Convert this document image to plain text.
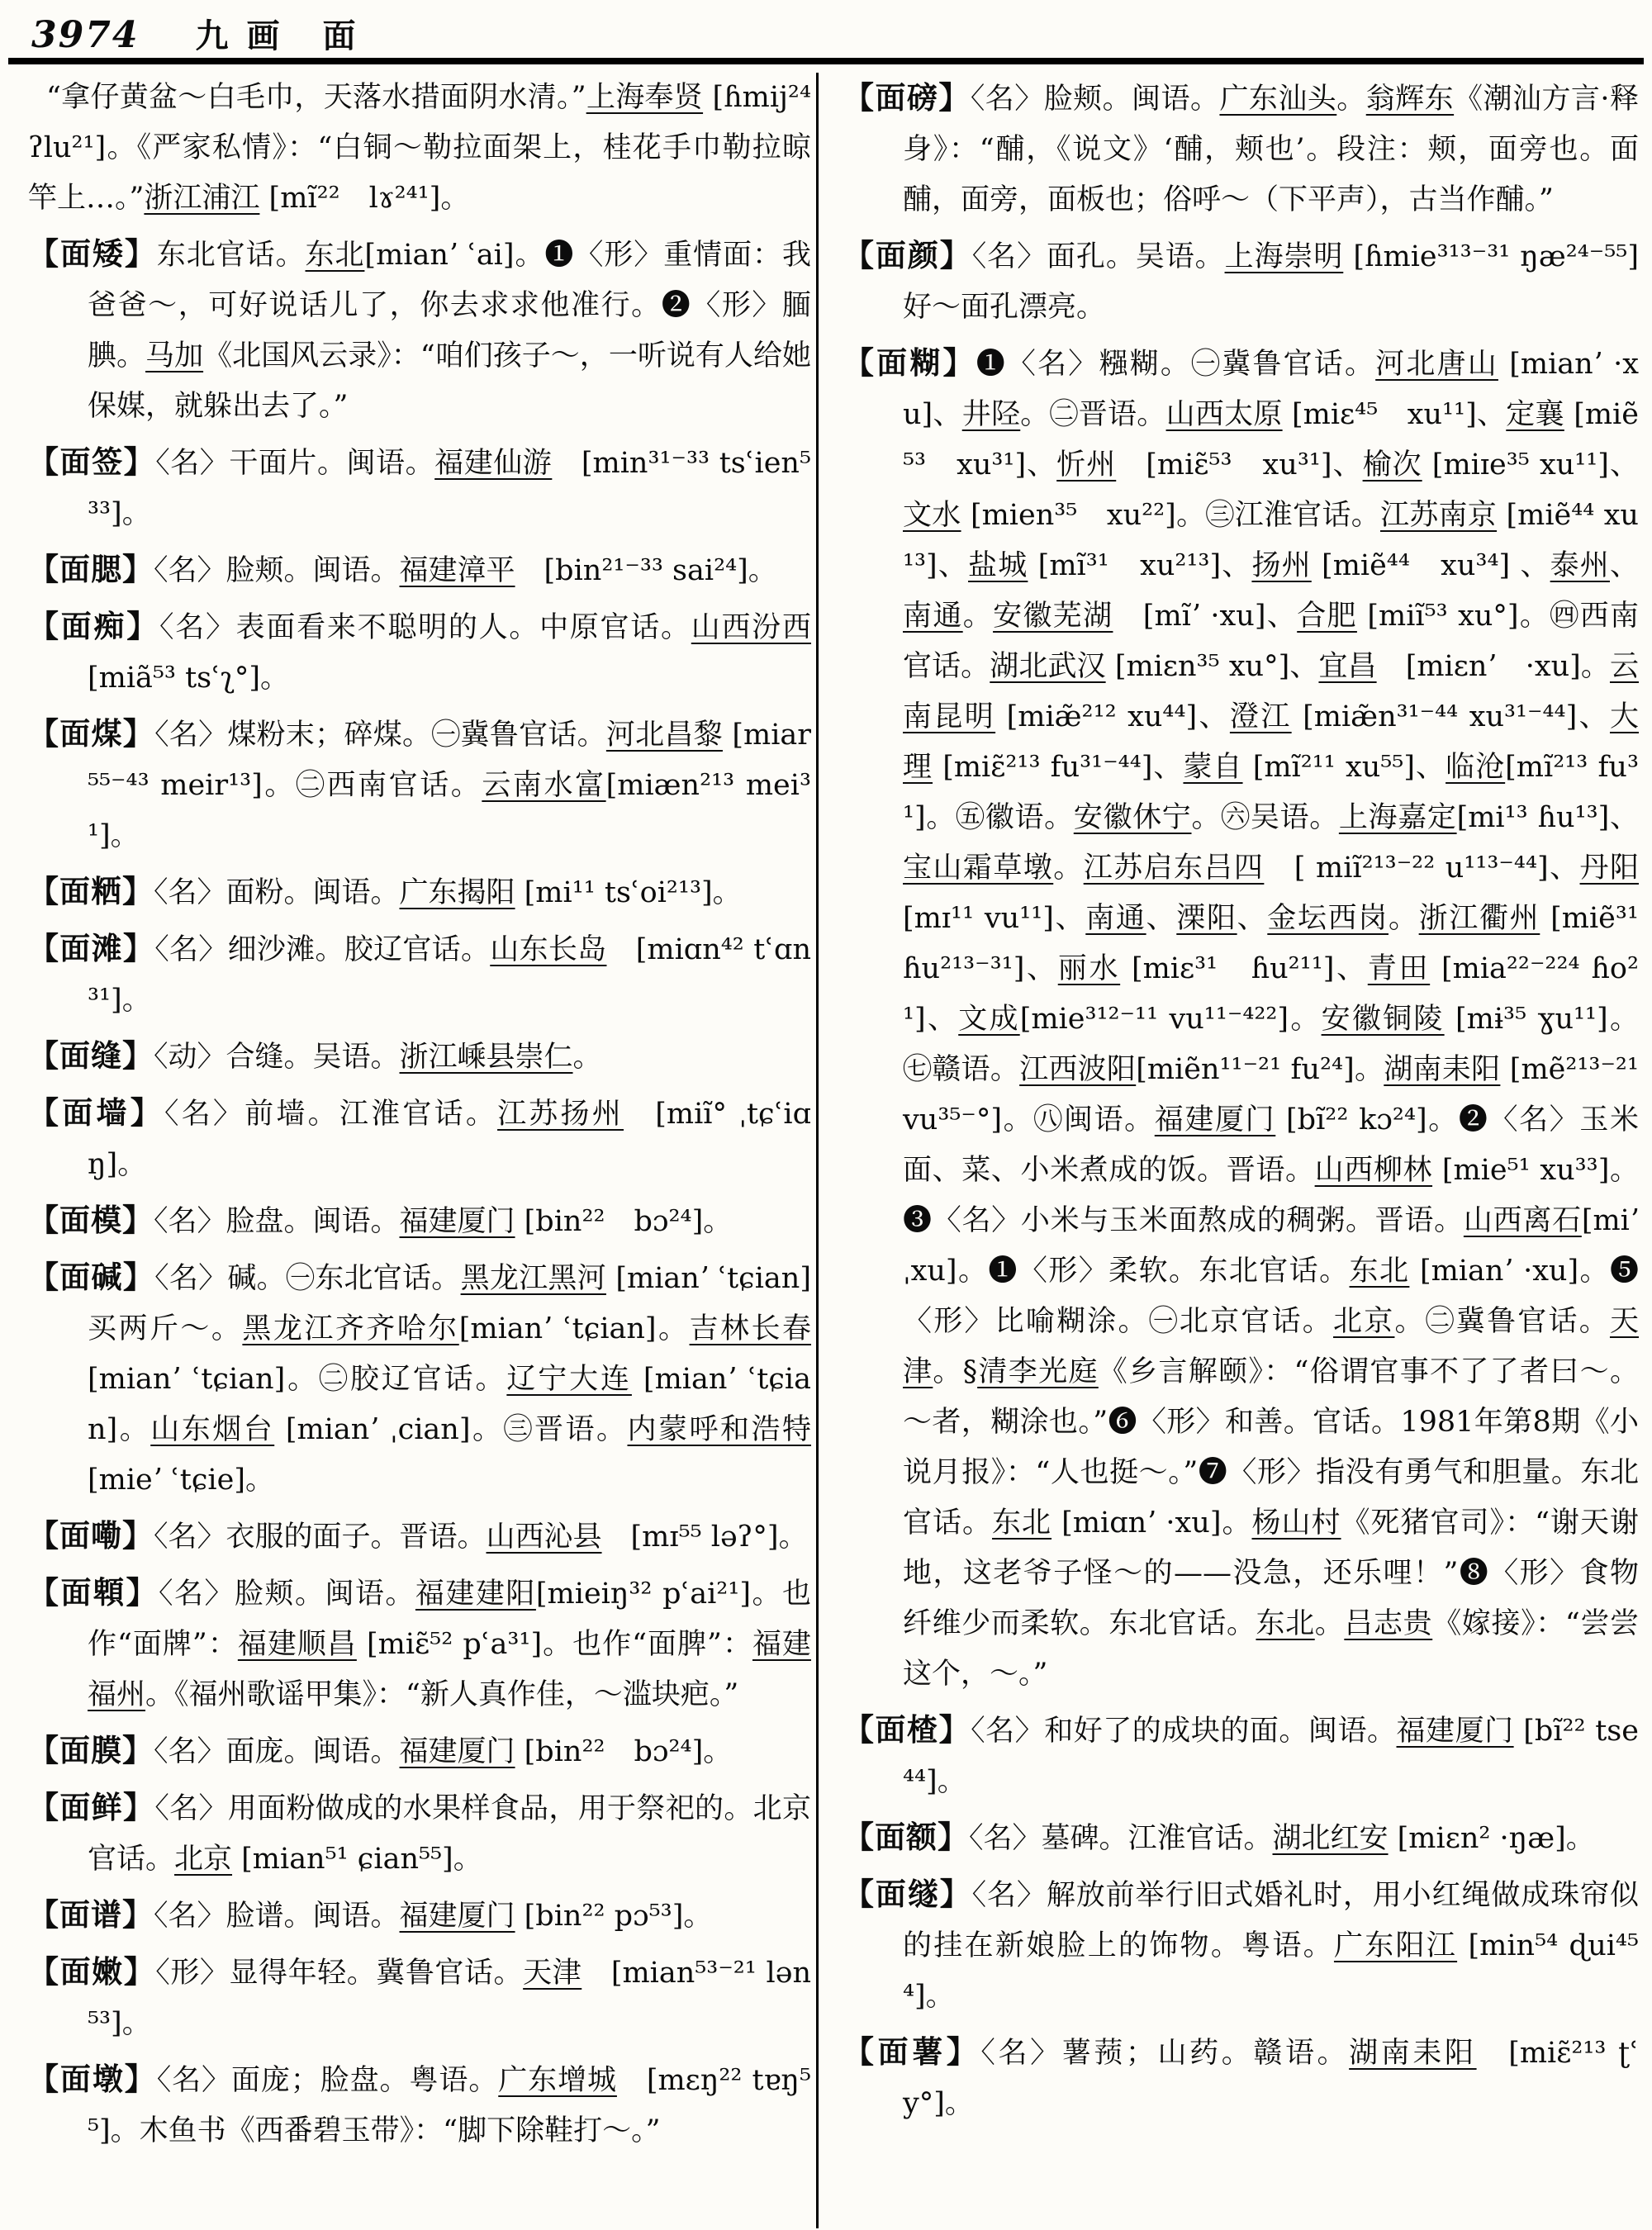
3974 九画 面

“拿仔黄盆～白毛巾，天落水措面阴水清。”上海奉贤 [ɦmij²⁴ ʔlu²¹]。《严家私情》：“白铜～勒拉面架上，桂花手巾勒拉晾竿上…。”浙江浦江 [mĩ²²　lɤ²⁴¹]。

【面矮】东北官话。东北[mianʼ ʿai]。❶〈形〉重情面：我爸爸～，可好说话儿了，你去求求他准行。❷〈形〉腼腆。马加《北国风云录》：“咱们孩子～，一听说有人给她保媒，就躲出去了。”

【面签】〈名〉干面片。闽语。福建仙游　[min³¹⁻³³ tsʿien⁵³³]。

【面腮】〈名〉脸颊。闽语。福建漳平　[bin²¹⁻³³ sai²⁴]。

【面痴】〈名〉表面看来不聪明的人。中原官话。山西汾西 [miã⁵³ tsʿʅ°]。

【面煤】〈名〉煤粉末；碎煤。㊀冀鲁官话。河北昌黎 [miar⁵⁵⁻⁴³ meir¹³]。㊁西南官话。云南水富[miæn²¹³ mei³¹]。

【面粞】〈名〉面粉。闽语。广东揭阳 [mi¹¹ tsʿoi²¹³]。

【面滩】〈名〉细沙滩。胶辽官话。山东长岛　[miɑn⁴² tʿɑn³¹]。

【面缝】〈动〉合缝。吴语。浙江嵊县崇仁。

【面墙】〈名〉前墙。江淮官话。江苏扬州　[miĩ° ˌtɕʿiɑŋ]。

【面模】〈名〉脸盘。闽语。福建厦门 [bin²²　bɔ²⁴]。

【面碱】〈名〉碱。㊀东北官话。黑龙江黑河 [mianʼ ʿtɕian] 买两斤～。黑龙江齐齐哈尔[mianʼ ʿtɕian]。吉林长春 [mianʼ ʿtɕian]。㊁胶辽官话。辽宁大连 [mianʼ ʿtɕian]。山东烟台 [mianʼ ˌcian]。㊂晋语。内蒙呼和浩特 [mieʼ ʿtɕie]。

【面嘞】〈名〉衣服的面子。晋语。山西沁县　[mɪ⁵⁵ ləʔ°]。

【面䫌】〈名〉脸颊。闽语。福建建阳[mieiŋ³² pʿai²¹]。也作“面牌”：福建顺昌 [miɛ̃⁵² pʿa³¹]。也作“面脾”：福建福州。《福州歌谣甲集》：“新人真作佳，～滥块疤。”

【面膜】〈名〉面庞。闽语。福建厦门 [bin²²　bɔ²⁴]。

【面鲜】〈名〉用面粉做成的水果样食品，用于祭祀的。北京官话。北京 [mian⁵¹ ɕian⁵⁵]。

【面谱】〈名〉脸谱。闽语。福建厦门 [bin²² pɔ⁵³]。

【面嫩】〈形〉显得年轻。冀鲁官话。天津　[mian⁵³⁻²¹ lən⁵³]。

【面墩】〈名〉面庞；脸盘。粤语。广东增城　[mɛŋ²² tɐŋ⁵⁵]。木鱼书《西番碧玉带》：“脚下除鞋打～。”

【面磅】〈名〉脸颊。闽语。广东汕头。翁辉东《潮汕方言·释身》：“酺，《说文》‘酺，颊也’。段注：颊，面旁也。面酺，面旁，面板也；俗呼～（下平声），古当作酺。”

【面颜】〈名〉面孔。吴语。上海崇明 [ɦmie³¹³⁻³¹ ŋæ²⁴⁻⁵⁵] 好～面孔漂亮。

【面糊】❶〈名〉糨糊。㊀冀鲁官话。河北唐山 [mianʼ ·xu]、井陉。㊁晋语。山西太原 [miɛ⁴⁵　xu¹¹]、定襄 [miẽ⁵³　xu³¹]、忻州　[miɛ̃⁵³　xu³¹]、榆次 [miɪe³⁵ xu¹¹]、文水 [mien³⁵　xu²²]。㊂江淮官话。江苏南京 [miẽ⁴⁴ xu¹³]、盐城 [mĩ³¹　xu²¹³]、扬州 [miẽ⁴⁴　xu³⁴] 、泰州、南通。安徽芜湖　[mĩʼ ·xu]、合肥 [miĩ⁵³ xu°]。㊃西南官话。湖北武汉 [miɛn³⁵ xu°]、宜昌　[miɛnʼ　·xu]。云南昆明 [miæ̃²¹² xu⁴⁴]、澄江 [miæ̃n³¹⁻⁴⁴ xu³¹⁻⁴⁴]、大理 [miɛ̃²¹³ fu³¹⁻⁴⁴]、蒙自 [mĩ²¹¹ xu⁵⁵]、临沧[mĩ²¹³ fu³¹]。㊄徽语。安徽休宁。㊅吴语。上海嘉定[mi¹³ ɦu¹³]、宝山霜草墩。江苏启东吕四　[ miĩ²¹³⁻²² u¹¹³⁻⁴⁴]、丹阳[mɪ¹¹ vu¹¹]、南通、溧阳、金坛西岗。浙江衢州 [miẽ³¹　ɦu²¹³⁻³¹]、丽水 [miɛ³¹　ɦu²¹¹]、青田 [mia²²⁻²²⁴ ɦo²¹]、文成[mie³¹²⁻¹¹ vu¹¹⁻⁴²²]。安徽铜陵 [mɨ³⁵ ɣu¹¹]。㊆赣语。江西波阳[miẽn¹¹⁻²¹ fu²⁴]。湖南耒阳 [mẽ²¹³⁻²¹　vu³⁵⁻°]。㊇闽语。福建厦门 [bĩ²² kɔ²⁴]。❷〈名〉玉米面、菜、小米煮成的饭。晋语。山西柳林 [mie⁵¹ xu³³]。❸〈名〉小米与玉米面熬成的稠粥。晋语。山西离石[miʼ ˌxu]。❶〈形〉柔软。东北官话。东北 [mianʼ ·xu]。❺〈形〉比喻糊涂。㊀北京官话。北京。㊁冀鲁官话。天津。§清李光庭《乡言解颐》：“俗谓官事不了了者曰～。～者，糊涂也。”❻〈形〉和善。官话。1981年第8期《小说月报》：“人也挺～。”❼〈形〉指没有勇气和胆量。东北官话。东北 [miɑnʼ ·xu]。杨山村《死猪官司》：“谢天谢地，这老爷子怪～的——没急，还乐哩！”❽〈形〉食物纤维少而柔软。东北官话。东北。吕志贵《嫁接》：“尝尝这个，～。”

【面楂】〈名〉和好了的成块的面。闽语。福建厦门 [bĩ²² tse⁴⁴]。

【面额】〈名〉墓碑。江淮官话。湖北红安 [miɛn² ·ŋæ]。

【面䍁】〈名〉解放前举行旧式婚礼时，用小红绳做成珠帘似的挂在新娘脸上的饰物。粤语。广东阳江 [min⁵⁴ ɖui⁴⁵⁴]。

【面薯】〈名〉薯蓣；山药。赣语。湖南耒阳　[miɛ̃²¹³ ʈʿy°]。
